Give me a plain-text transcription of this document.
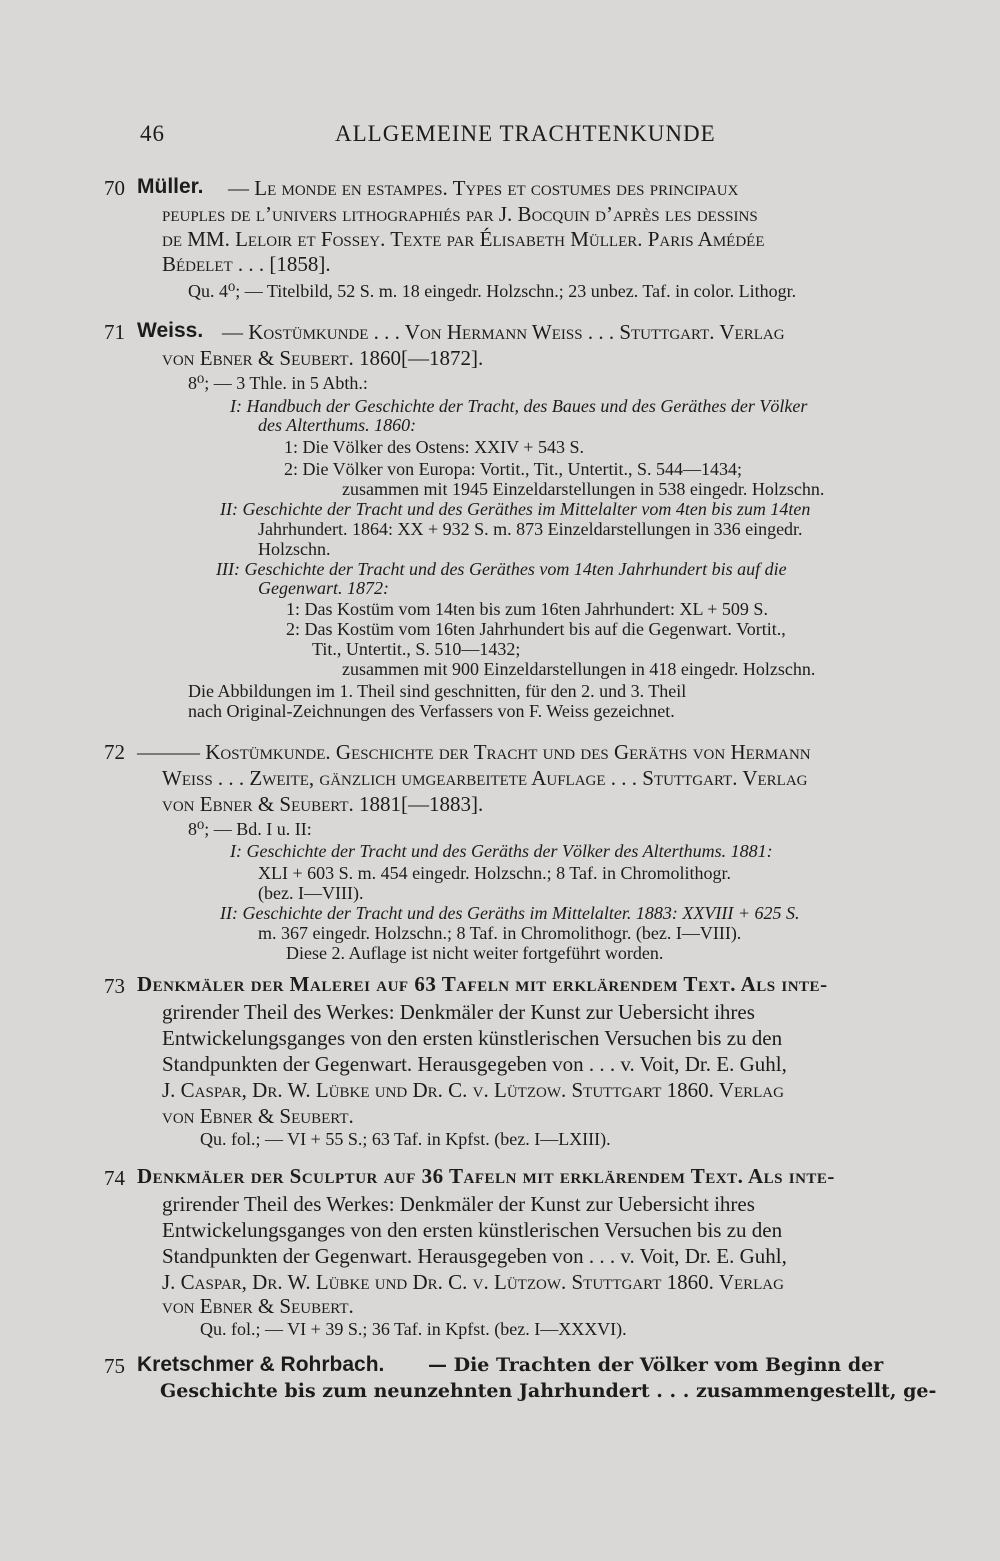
46	ALLGEMEINE TRACHTENKUNDE
70 Müller. — Le monde en estampes. Types et costumes des principaux
peuples de l’univers lithographiés par J. Bocquin d’après les dessins
de MM. Leloir et Fossey. Texte par Élisabeth Müller. Paris Amédée
Bédelet . . . [1858].
Qu. 4⁰; — Titelbild, 52 S. m. 18 eingedr. Holzschn.; 23 unbez. Taf. in color. Lithogr.
71 Weiss. — Kostümkunde . . . Von Hermann Weiss . . . Stuttgart. Verlag
von Ebner & Seubert. 1860[—1872].
8⁰; — 3 Thle. in 5 Abth.:
I: Handbuch der Geschichte der Tracht, des Baues und des Geräthes der Völker
des Alterthums. 1860:
1: Die Völker des Ostens: XXIV + 543 S.
2: Die Völker von Europa: Vortit., Tit., Untertit., S. 544—1434;
zusammen mit 1945 Einzeldarstellungen in 538 eingedr. Holzschn.
II: Geschichte der Tracht und des Geräthes im Mittelalter vom 4ten bis zum 14ten
Jahrhundert. 1864: XX + 932 S. m. 873 Einzeldarstellungen in 336 eingedr.
Holzschn.
III: Geschichte der Tracht und des Geräthes vom 14ten Jahrhundert bis auf die
Gegenwart. 1872:
1: Das Kostüm vom 14ten bis zum 16ten Jahrhundert: XL + 509 S.
2: Das Kostüm vom 16ten Jahrhundert bis auf die Gegenwart. Vortit.,
Tit., Untertit., S. 510—1432;
zusammen mit 900 Einzeldarstellungen in 418 eingedr. Holzschn.
Die Abbildungen im 1. Theil sind geschnitten, für den 2. und 3. Theil
nach Original-Zeichnungen des Verfassers von F. Weiss gezeichnet.
72 ——— Kostümkunde. Geschichte der Tracht und des Geräths von Hermann
Weiss . . . Zweite, gänzlich umgearbeitete Auflage . . . Stuttgart. Verlag
von Ebner & Seubert. 1881[—1883].
8⁰; — Bd. I u. II:
I: Geschichte der Tracht und des Geräths der Völker des Alterthums. 1881:
XLI + 603 S. m. 454 eingedr. Holzschn.; 8 Taf. in Chromolithogr.
(bez. I—VIII).
II: Geschichte der Tracht und des Geräths im Mittelalter. 1883: XXVIII + 625 S.
m. 367 eingedr. Holzschn.; 8 Taf. in Chromolithogr. (bez. I—VIII).
Diese 2. Auflage ist nicht weiter fortgeführt worden.
73 Denkmäler der Malerei auf 63 Tafeln mit erklärendem Text. Als inte-
grirender Theil des Werkes: Denkmäler der Kunst zur Uebersicht ihres
Entwickelungsganges von den ersten künstlerischen Versuchen bis zu den
Standpunkten der Gegenwart. Herausgegeben von . . . v. Voit, Dr. E. Guhl,
J. Caspar, Dr. W. Lübke und Dr. C. v. Lützow. Stuttgart 1860. Verlag
von Ebner & Seubert.
Qu. fol.; — VI + 55 S.; 63 Taf. in Kpfst. (bez. I—LXIII).
74 Denkmäler der Sculptur auf 36 Tafeln mit erklärendem Text. Als inte-
grirender Theil des Werkes: Denkmäler der Kunst zur Uebersicht ihres
Entwickelungsganges von den ersten künstlerischen Versuchen bis zu den
Standpunkten der Gegenwart. Herausgegeben von . . . v. Voit, Dr. E. Guhl,
J. Caspar, Dr. W. Lübke und Dr. C. v. Lützow. Stuttgart 1860. Verlag
von Ebner & Seubert.
Qu. fol.; — VI + 39 S.; 36 Taf. in Kpfst. (bez. I—XXXVI).
75 Kretschmer & Rohrbach. — Die Trachten der Völker vom Beginn der
Geschichte bis zum neunzehnten Jahrhundert . . . zusammengestellt, ge-
